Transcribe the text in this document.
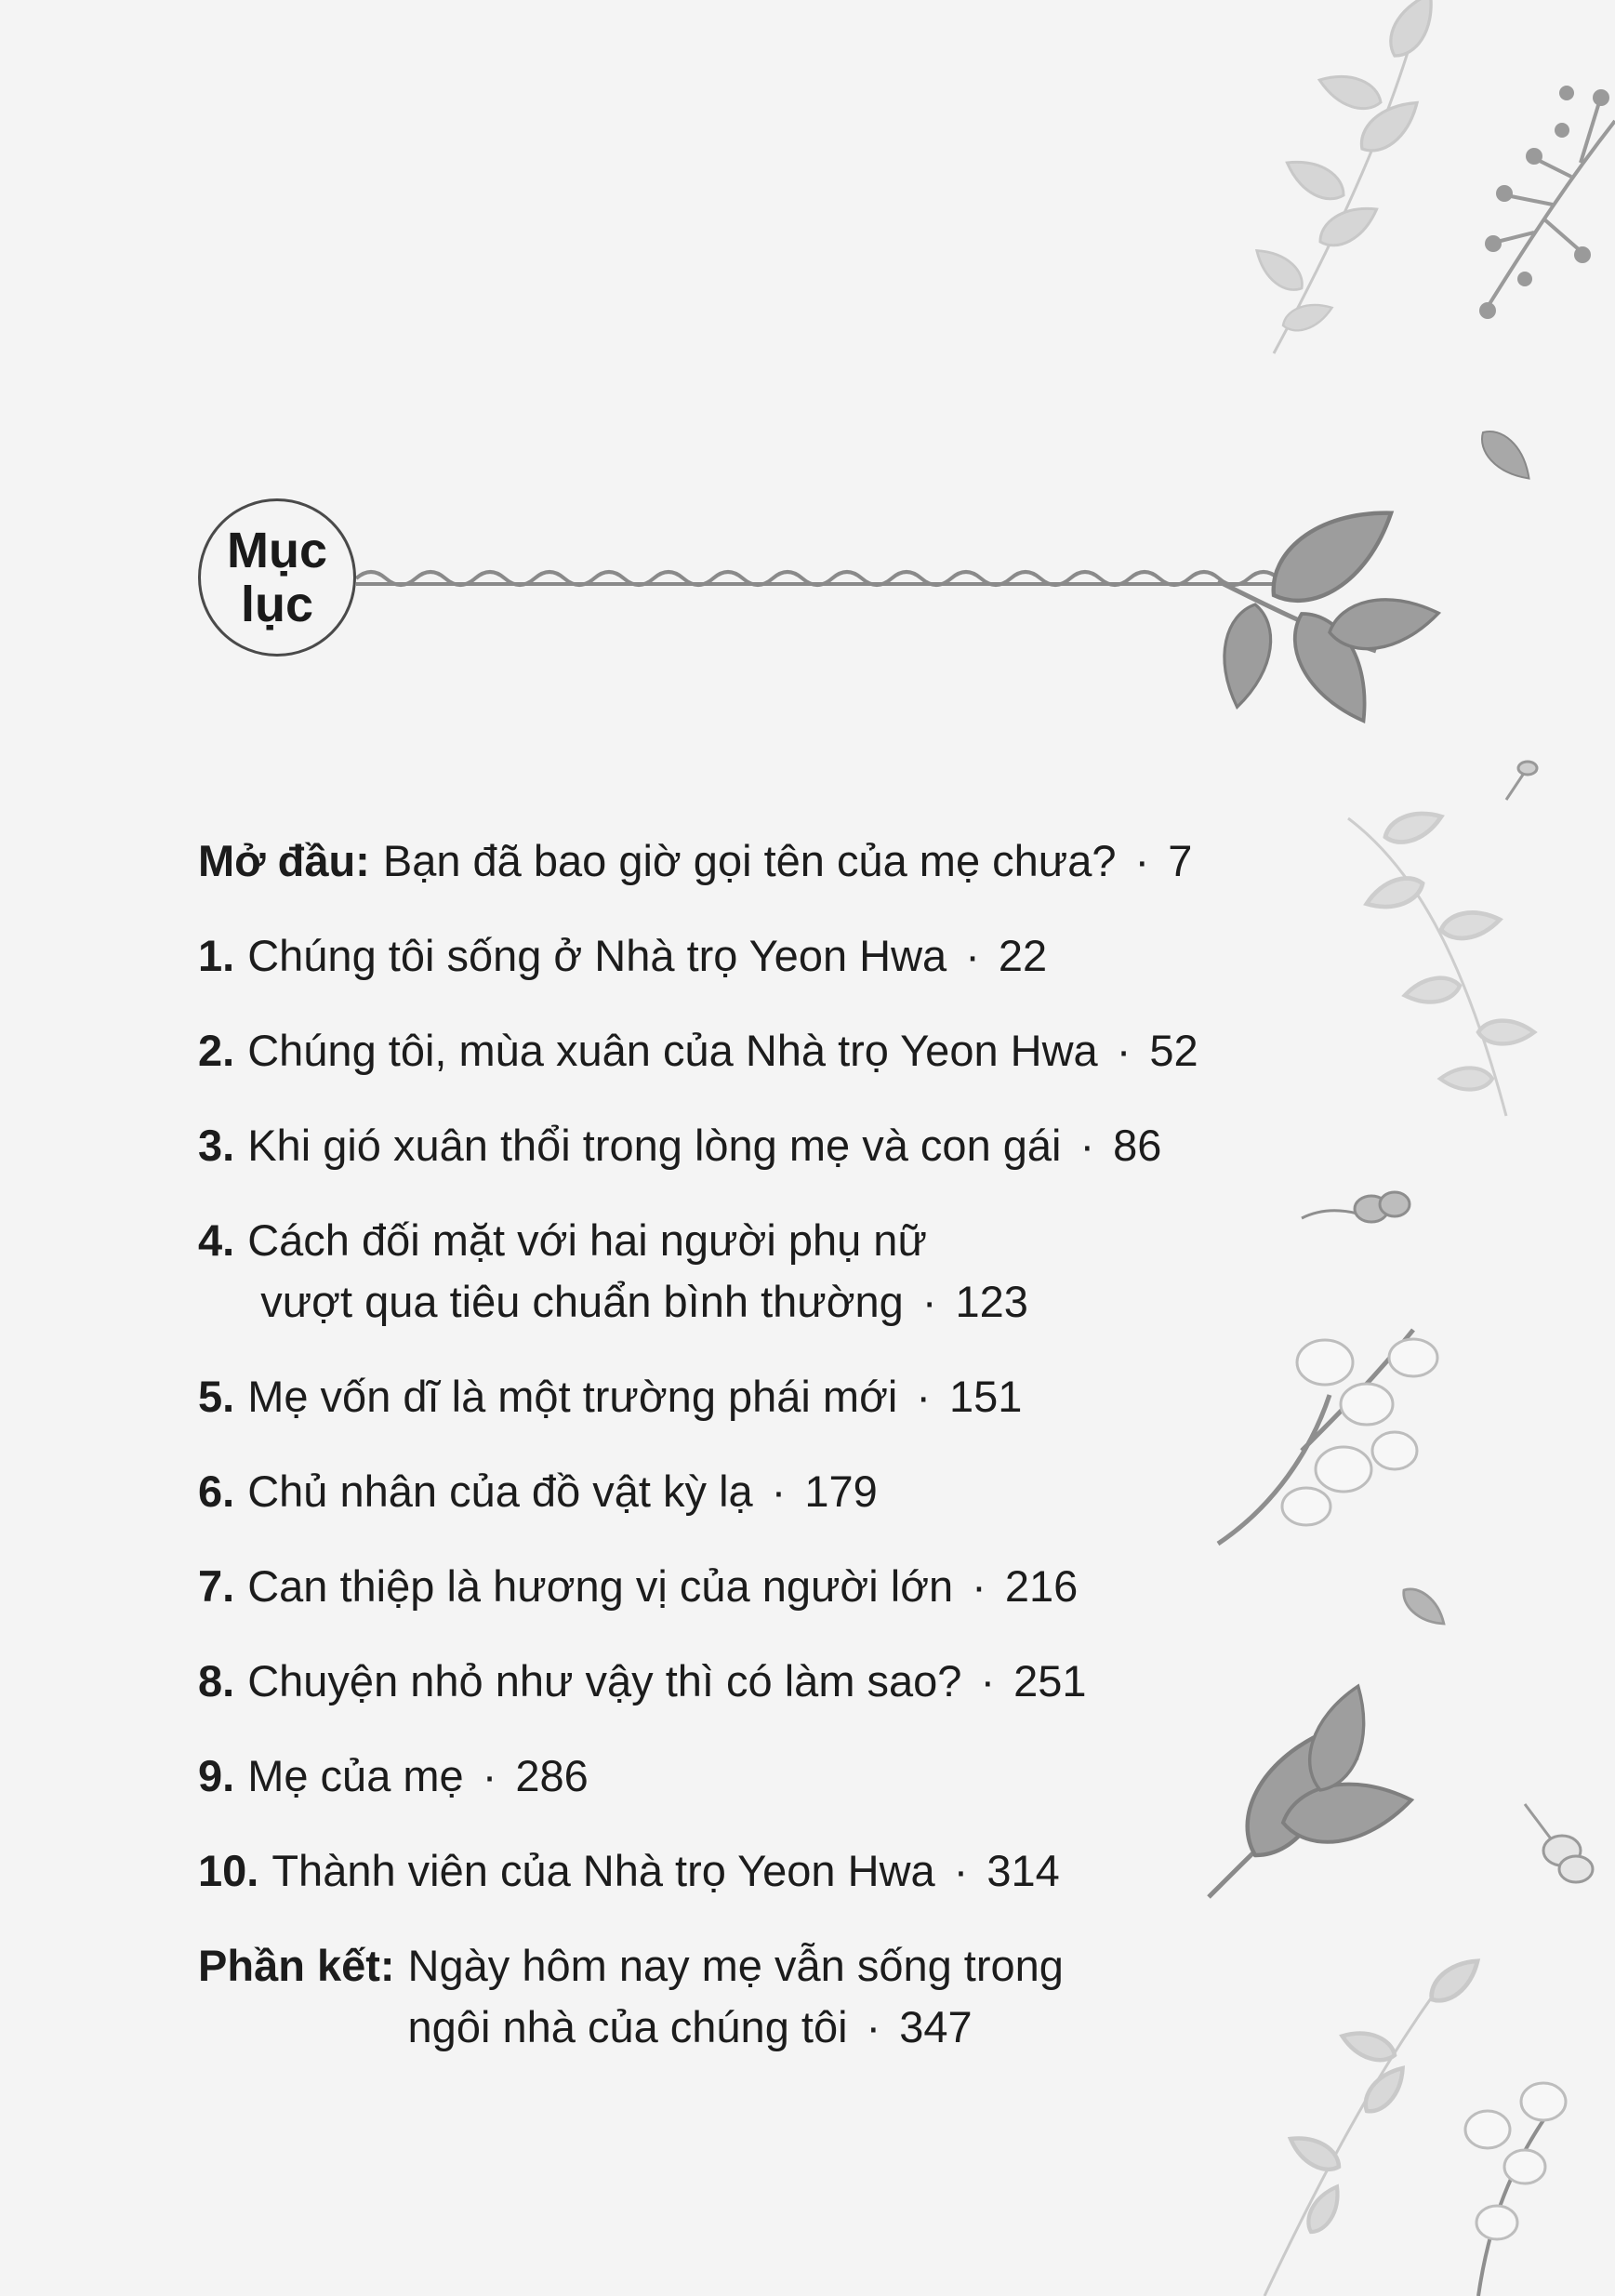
Mục
lục
Mở đầu: Bạn đã bao giờ gọi tên của mẹ chưa? · 7
1. Chúng tôi sống ở Nhà trọ Yeon Hwa · 22
2. Chúng tôi, mùa xuân của Nhà trọ Yeon Hwa · 52
3. Khi gió xuân thổi trong lòng mẹ và con gái · 86
4. Cách đối mặt với hai người phụ nữ
vượt qua tiêu chuẩn bình thường · 123
5. Mẹ vốn dĩ là một trường phái mới · 151
6. Chủ nhân của đồ vật kỳ lạ · 179
7. Can thiệp là hương vị của người lớn · 216
8. Chuyện nhỏ như vậy thì có làm sao? · 251
9. Mẹ của mẹ · 286
10. Thành viên của Nhà trọ Yeon Hwa · 314
Phần kết: Ngày hôm nay mẹ vẫn sống trong
ngôi nhà của chúng tôi · 347
